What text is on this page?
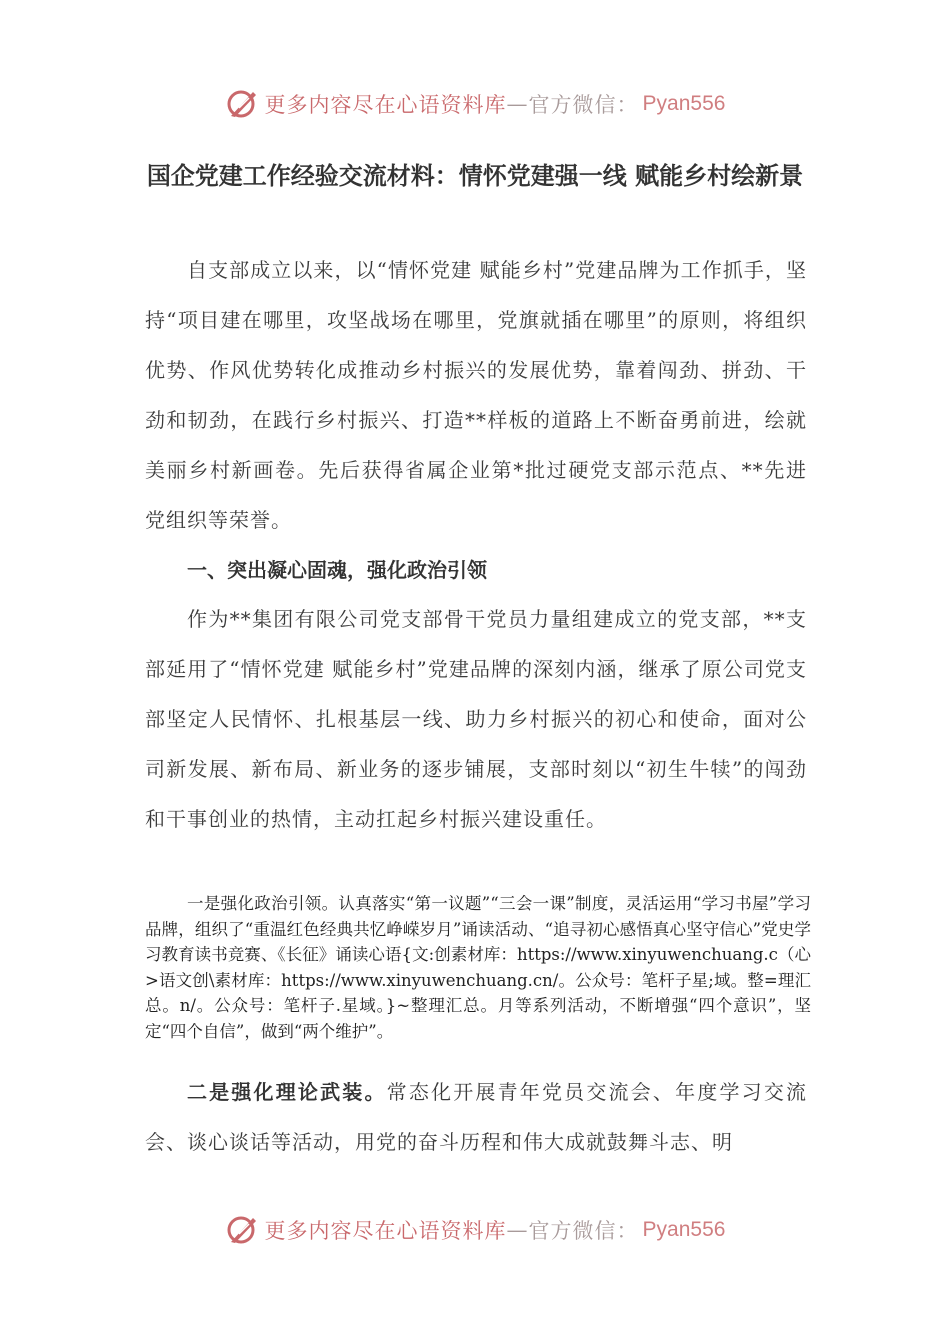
更多内容尽在心语资料库 — 官方微信： Pyan556
国企党建工作经验交流材料：情怀党建强一线 赋能乡村绘新景

自支部成立以来，以“情怀党建 赋能乡村”党建品牌为工作抓手，坚持“项目建在哪里，攻坚战场在哪里，党旗就插在哪里”的原则，将组织优势、作风优势转化成推动乡村振兴的发展优势，靠着闯劲、拼劲、干劲和韧劲，在践行乡村振兴、打造**样板的道路上不断奋勇前进，绘就美丽乡村新画卷。先后获得省属企业第*批过硬党支部示范点、**先进党组织等荣誉。

一、突出凝心固魂，强化政治引领

作为**集团有限公司党支部骨干党员力量组建成立的党支部，**支部延用了“情怀党建 赋能乡村”党建品牌的深刻内涵，继承了原公司党支部坚定人民情怀、扎根基层一线、助力乡村振兴的初心和使命，面对公司新发展、新布局、新业务的逐步铺展，支部时刻以“初生牛犊”的闯劲和干事创业的热情，主动扛起乡村振兴建设重任。

一是强化政治引领。认真落实“第一议题”“三会一课”制度，灵活运用“学习书屋”学习品牌，组织了“重温红色经典共忆峥嵘岁月”诵读活动、“追寻初心感悟真心坚守信心”党史学习教育读书竞赛、《长征》诵读心语{文:创素材库：https://www.xinyuwenchuang.c（心>语文创\素材库：https://www.xinyuwenchuang.cn/。公众号：笔杆子星;域。整=理汇总。n/。公众号：笔杆子.星域。}~整理汇总。月等系列活动，不断增强“四个意识”，坚定“四个自信”，做到“两个维护”。

二是强化理论武装。常态化开展青年党员交流会、年度学习交流会、谈心谈话等活动，用党的奋斗历程和伟大成就鼓舞斗志、明

更多内容尽在心语资料库 — 官方微信： Pyan556
